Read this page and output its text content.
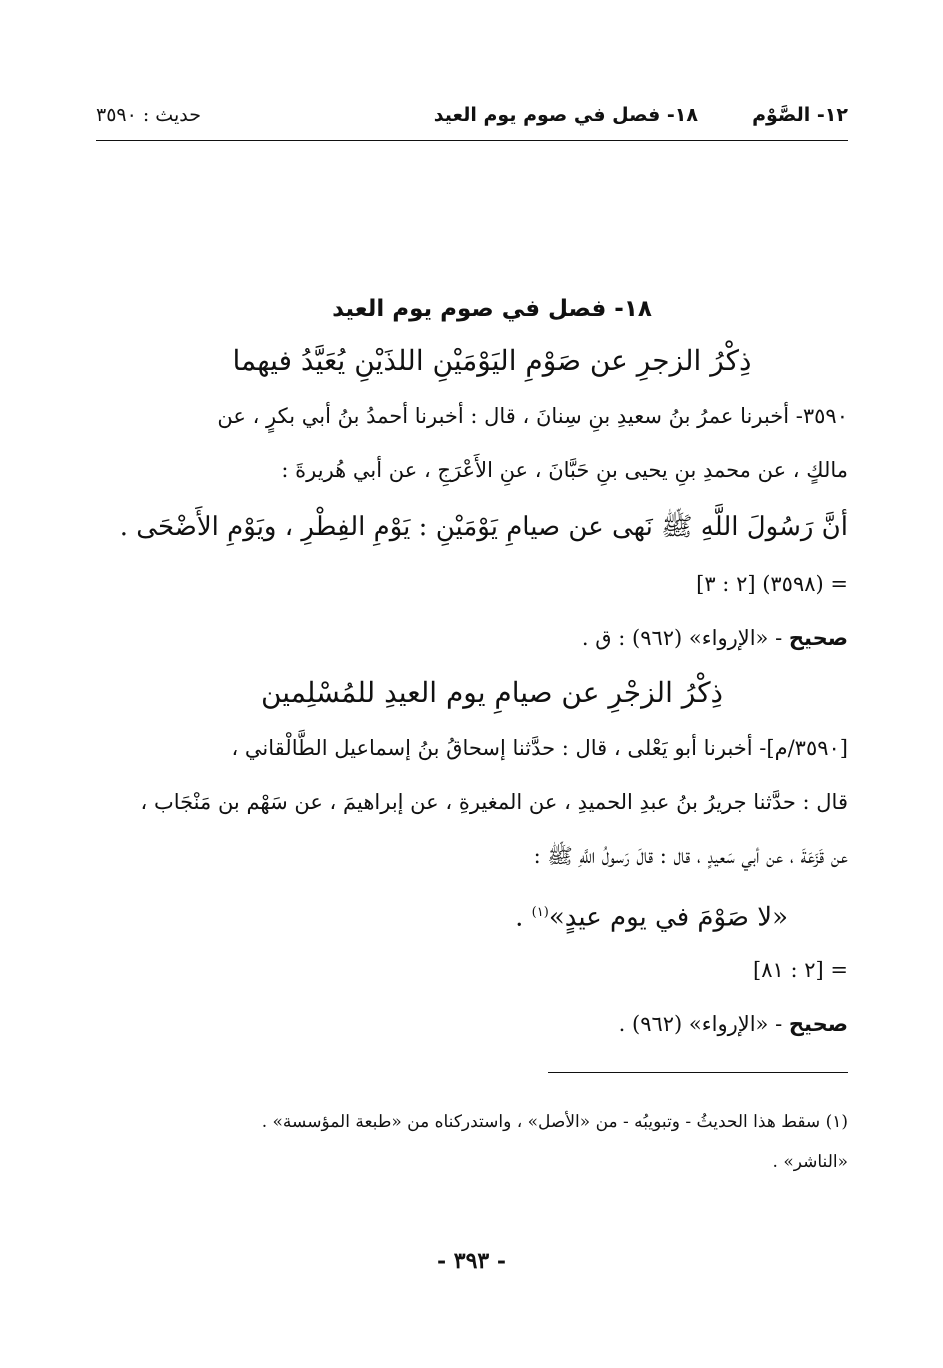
١٢- الصَّوْم
١٨- فصل في صوم يوم العيد
حديث : ٣٥٩٠
١٨- فصل في صوم يوم العيد
ذِكْرُ الزجرِ عن صَوْمِ اليَوْمَيْنِ اللذَيْنِ يُعَيَّدُ فيهما
٣٥٩٠- أخبرنا عمرُ بنُ سعيدِ بنِ سِنانَ ، قال : أخبرنا أحمدُ بنُ أبي بكرٍ ، عن
مالكٍ ، عن محمدِ بنِ يحيى بنِ حَبَّانَ ، عنِ الأَعْرَجِ ، عن أبي هُريرةَ :
أنَّ رَسُولَ اللَّهِ ﷺ نَهى عن صيامِ يَوْمَيْنِ : يَوْمِ الفِطْرِ ، ويَوْمِ الأَضْحَى .
= (٣٥٩٨) [٢ : ٣]
صحيح - «الإرواء» (٩٦٢) : ق .
ذِكْرُ الزجْرِ عن صيامِ يوم العيدِ للمُسْلِمين
[٣٥٩٠/م]- أخبرنا أبو يَعْلى ، قال : حدَّثنا إسحاقُ بنُ إسماعيل الطَّالْقاني ،
قال : حدَّثنا جريرُ بنُ عبدِ الحميدِ ، عن المغيرةِ ، عن إبراهيمَ ، عن سَهْم بن مَنْجَاب ،
عن قَزَعَةَ ، عن أبي سَعيدٍ ، قال : قالَ رَسولُ اللَّهِ ﷺ :
«لا صَوْمَ في يوم عيدٍ»$^{(١)}$ .
= [٢ : ٨١]
صحيح - «الإرواء» (٩٦٢) .
(١) سقط هذا الحديثُ - وتبويبُه - من «الأصل» ، واستدركناه من «طبعة المؤسسة» .
«الناشر» .
- ٣٩٣ -
